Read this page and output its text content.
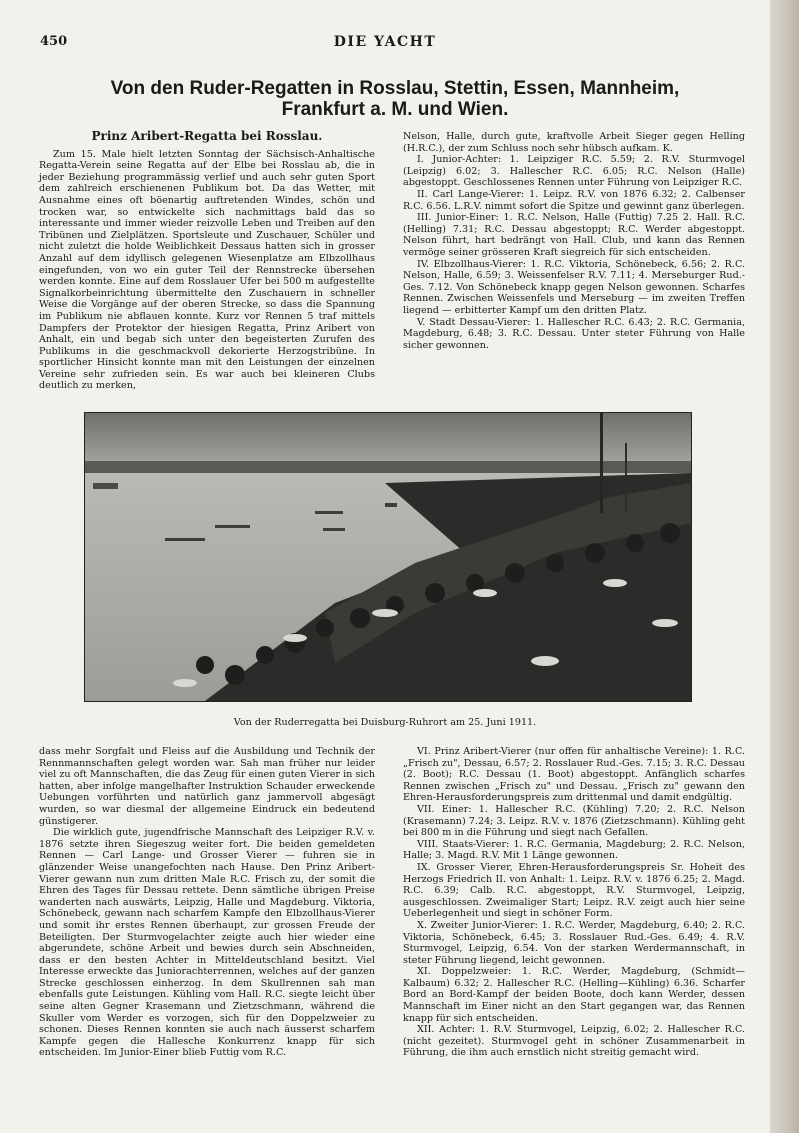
450	DIE YACHT
Von den Ruder-Regatten in Rosslau, Stettin, Essen, Mannheim,
Frankfurt a. M. und Wien.
Prinz Aribert-Regatta bei Rosslau.

Zum 15. Male hielt letzten Sonntag der Sächsisch-Anhaltische Regatta-Verein seine Regatta auf der Elbe bei Rosslau ab, die in jeder Beziehung programmässig verlief und auch sehr guten Sport dem zahlreich erschienenen Publikum bot. Da das Wetter, mit Ausnahme eines oft böenartig auftretenden Windes, schön und trocken war, so entwickelte sich nachmittags bald das so interessante und immer wieder reizvolle Leben und Treiben auf den Tribünen und Zielplätzen. Sportsleute und Zuschauer, Schüler und nicht zuletzt die holde Weiblichkeit Dessaus hatten sich in grosser Anzahl auf dem idyllisch gelegenen Wiesenplatze am Elbzollhaus eingefunden, von wo ein guter Teil der Rennstrecke übersehen werden konnte. Eine auf dem Rosslauer Ufer bei 500 m aufgestellte Signalkorbeinrichtung übermittelte den Zuschauern in schneller Weise die Vorgänge auf der oberen Strecke, so dass die Spannung im Publikum nie abflauen konnte. Kurz vor Rennen 5 traf mittels Dampfers der Protektor der hiesigen Regatta, Prinz Aribert von Anhalt, ein und begab sich unter den begeisterten Zurufen des Publikums in die geschmackvoll dekorierte Herzogstribüne. In sportlicher Hinsicht konnte man mit den Leistungen der einzelnen Vereine sehr zufrieden sein. Es war auch bei kleineren Clubs deutlich zu merken,

Nelson, Halle, durch gute, kraftvolle Arbeit Sieger gegen Helling (H.R.C.), der zum Schluss noch sehr hübsch aufkam. K.

I. Junior-Achter: 1. Leipziger R.C. 5.59; 2. R.V. Sturmvogel (Leipzig) 6.02; 3. Hallescher R.C. 6.05; R.C. Nelson (Halle) abgestoppt. Geschlossenes Rennen unter Führung von Leipziger R.C.

II. Carl Lange-Vierer: 1. Leipz. R.V. von 1876 6.32; 2. Calbenser R.C. 6.56. L.R.V. nimmt sofort die Spitze und gewinnt ganz überlegen.

III. Junior-Einer: 1. R.C. Nelson, Halle (Futtig) 7.25 2. Hall. R.C. (Helling) 7.31; R.C. Dessau abgestoppt; R.C. Werder abgestoppt. Nelson führt, hart bedrängt von Hall. Club, und kann das Rennen vermöge seiner grösseren Kraft siegreich für sich entscheiden.

IV. Elbzollhaus-Vierer: 1. R.C. Viktoria, Schönebeck, 6.56; 2. R.C. Nelson, Halle, 6.59; 3. Weissenfelser R.V. 7.11; 4. Merseburger Rud.-Ges. 7.12. Von Schönebeck knapp gegen Nelson gewonnen. Scharfes Rennen. Zwischen Weissenfels und Merseburg — im zweiten Treffen liegend — erbitterter Kampf um den dritten Platz.

V. Stadt Dessau-Vierer: 1. Hallescher R.C. 6.43; 2. R.C. Germania, Magdeburg, 6.48; 3. R.C. Dessau. Unter steter Führung von Halle sicher gewonnen.

Von der Ruderregatta bei Duisburg-Ruhrort am 25. Juni 1911.

dass mehr Sorgfalt und Fleiss auf die Ausbildung und Technik der Rennmannschaften gelegt worden war. Sah man früher nur leider viel zu oft Mannschaften, die das Zeug für einen guten Vierer in sich hatten, aber infolge mangelhafter Instruktion Schauder erweckende Uebungen vorführten und natürlich ganz jammervoll abgesägt wurden, so war diesmal der allgemeine Eindruck ein bedeutend günstigerer.

Die wirklich gute, jugendfrische Mannschaft des Leipziger R.V. v. 1876 setzte ihren Siegeszug weiter fort. Die beiden gemeldeten Rennen — Carl Lange- und Grosser Vierer — fuhren sie in glänzender Weise unangefochten nach Hause. Den Prinz Aribert-Vierer gewann nun zum dritten Male R.C. Frisch zu, der somit die Ehren des Tages für Dessau rettete. Denn sämtliche übrigen Preise wanderten nach auswärts, Leipzig, Halle und Magdeburg. Viktoria, Schönebeck, gewann nach scharfem Kampfe den Elbzollhaus-Vierer und somit ihr erstes Rennen überhaupt, zur grossen Freude der Beteiligten. Der Sturmvogelachter zeigte auch hier wieder eine abgerundete, schöne Arbeit und bewies durch sein Abschneiden, dass er den besten Achter in Mitteldeutschland besitzt. Viel Interesse erweckte das Juniorachterrennen, welches auf der ganzen Strecke geschlossen einherzog. In dem Skullrennen sah man ebenfalls gute Leistungen. Kühling vom Hall. R.C. siegte leicht über seine alten Gegner Krasemann und Zietzschmann, während die Skuller vom Werder es vorzogen, sich für den Doppelzweier zu schonen. Dieses Rennen konnten sie auch nach äusserst scharfem Kampfe gegen die Hallesche Konkurrenz knapp für sich entscheiden. Im Junior-Einer blieb Futtig vom R.C.

VI. Prinz Aribert-Vierer (nur offen für anhaltische Vereine): 1. R.C. „Frisch zu", Dessau, 6.57; 2. Rosslauer Rud.-Ges. 7.15; 3. R.C. Dessau (2. Boot); R.C. Dessau (1. Boot) abgestoppt. Anfänglich scharfes Rennen zwischen „Frisch zu" und Dessau. „Frisch zu" gewann den Ehren-Herausforderungspreis zum drittenmal und damit endgültig.

VII. Einer: 1. Hallescher R.C. (Kühling) 7.20; 2. R.C. Nelson (Krasemann) 7.24; 3. Leipz. R.V. v. 1876 (Zietzschmann). Kühling geht bei 800 m in die Führung und siegt nach Gefallen.

VIII. Staats-Vierer: 1. R.C. Germania, Magdeburg; 2. R.C. Nelson, Halle; 3. Magd. R.V. Mit 1 Länge gewonnen.

IX. Grosser Vierer, Ehren-Herausforderungspreis Sr. Hoheit des Herzogs Friedrich II. von Anhalt: 1. Leipz. R.V. v. 1876 6.25; 2. Magd. R.C. 6.39; Calb. R.C. abgestoppt, R.V. Sturmvogel, Leipzig, ausgeschlossen. Zweimaliger Start; Leipz. R.V. zeigt auch hier seine Ueberlegenheit und siegt in schöner Form.

X. Zweiter Junior-Vierer: 1. R.C. Werder, Magdeburg, 6.40; 2. R.C. Viktoria, Schönebeck, 6.45; 3. Rosslauer Rud.-Ges. 6.49; 4. R.V. Sturmvogel, Leipzig, 6.54. Von der starken Werdermannschaft, in steter Führung liegend, leicht gewonnen.

XI. Doppelzweier: 1. R.C. Werder, Magdeburg, (Schmidt—Kalbaum) 6.32; 2. Hallescher R.C. (Helling—Kühling) 6.36. Scharfer Bord an Bord-Kampf der beiden Boote, doch kann Werder, dessen Mannschaft im Einer nicht an den Start gegangen war, das Rennen knapp für sich entscheiden.

XII. Achter: 1. R.V. Sturmvogel, Leipzig, 6.02; 2. Hallescher R.C. (nicht gezeitet). Sturmvogel geht in schöner Zusammenarbeit in Führung, die ihm auch ernstlich nicht streitig gemacht wird.
